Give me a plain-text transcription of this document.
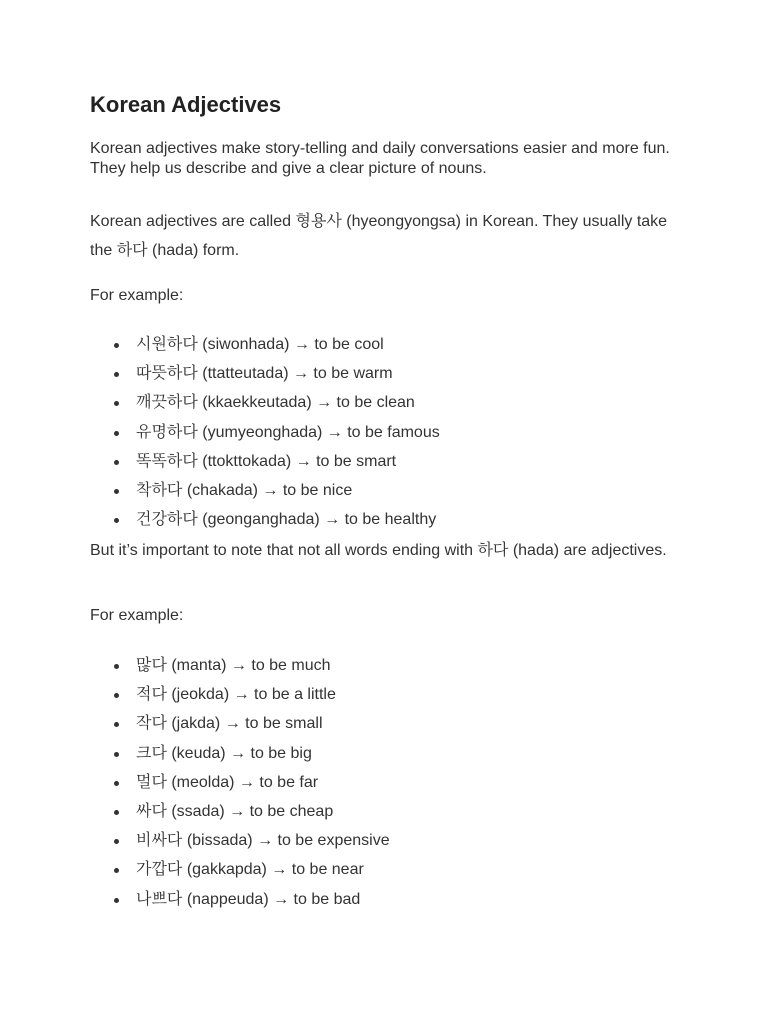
Korean Adjectives

Korean adjectives make story-telling and daily conversations easier and more fun. They help us describe and give a clear picture of nouns.

Korean adjectives are called 형용사 (hyeongyongsa) in Korean. They usually take the 하다 (hada) form.

For example:

시원하다 (siwonhada) → to be cool
따뜻하다 (ttatteutada) → to be warm
깨끗하다 (kkaekkeutada) → to be clean
유명하다 (yumyeonghada) → to be famous
똑똑하다 (ttokttokada) → to be smart
착하다 (chakada) → to be nice
건강하다 (geonganghada) → to be healthy

But it’s important to note that not all words ending with 하다 (hada) are adjectives.

For example:

많다 (manta) → to be much
적다 (jeokda) → to be a little
작다 (jakda) → to be small
크다 (keuda) → to be big
멀다 (meolda) → to be far
싸다 (ssada) → to be cheap
비싸다 (bissada) → to be expensive
가깝다 (gakkapda) → to be near
나쁘다 (nappeuda) → to be bad
